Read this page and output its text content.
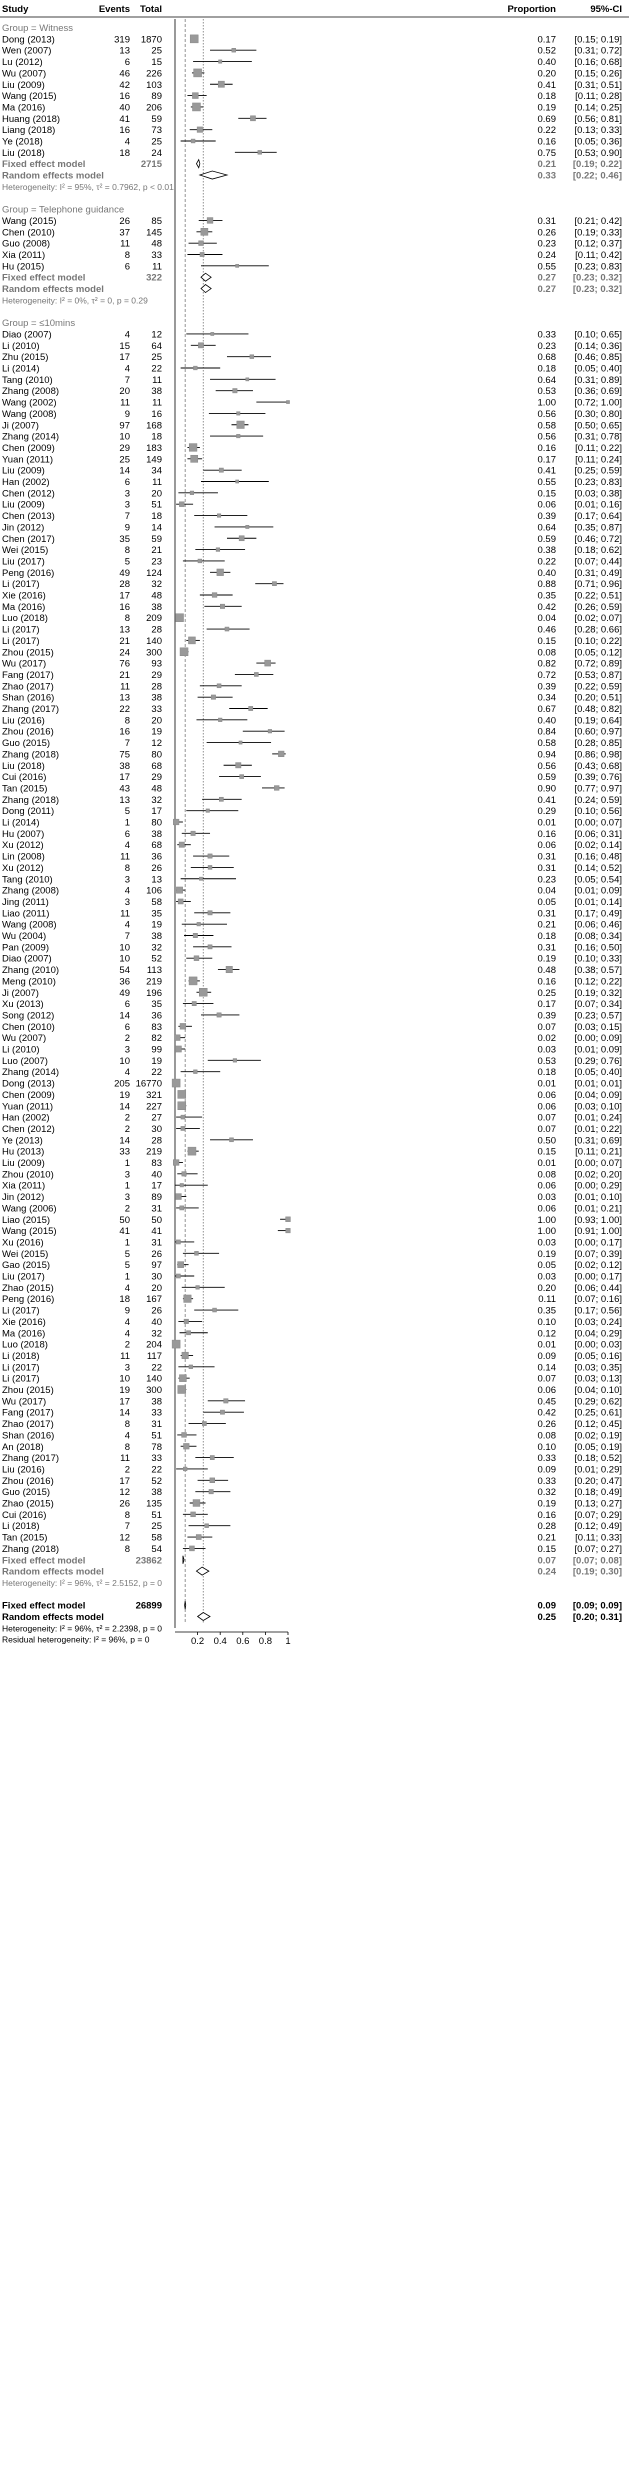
Study	Events Total	Proportion	95%-CI
Group = Witness
Dong (2013)	319 1870	0.17 [0.15; 0.19]
Wen (2007)	13 25	0.52 [0.31; 0.72]
Lu (2012)	6 15	0.40 [0.16; 0.68]
Wu (2007)	46 226	0.20 [0.15; 0.26]
Liu (2009)	42 103	0.41 [0.31; 0.51]
Wang (2015)	16 89	0.18 [0.11; 0.28]
Ma (2016)	40 206	0.19 [0.14; 0.25]
Huang (2018)	41 59	0.69 [0.56; 0.81]
Liang (2018)	16 73	0.22 [0.13; 0.33]
Ye (2018)	4 25	0.16 [0.05; 0.36]
Liu (2018)	18 24	0.75 [0.53; 0.90]
Fixed effect model	2715	0.21 [0.19; 0.22]
Random effects model	0.33 [0.22; 0.46]
Heterogeneity: I² = 95%, τ² = 0.7962, p < 0.01
Group = Telephone guidance
Wang (2015)	26 85	0.31 [0.21; 0.42]
Chen (2010)	37 145	0.26 [0.19; 0.33]
Guo (2008)	11 48	0.23 [0.12; 0.37]
Xia (2011)	8 33	0.24 [0.11; 0.42]
Hu (2015)	6 11	0.55 [0.23; 0.83]
Fixed effect model	322	0.27 [0.23; 0.32]
Random effects model	0.27 [0.23; 0.32]
Heterogeneity: I² = 0%, τ² = 0, p = 0.29
Group = ≤10mins
Diao (2007)	4 12	0.33 [0.10; 0.65]
Li (2010)	15 64	0.23 [0.14; 0.36]
Zhu (2015)	17 25	0.68 [0.46; 0.85]
Li (2014)	4 22	0.18 [0.05; 0.40]
Tang (2010)	7 11	0.64 [0.31; 0.89]
Zhang (2008)	20 38	0.53 [0.36; 0.69]
Wang (2002)	11 11	1.00 [0.72; 1.00]
Wang (2008)	9 16	0.56 [0.30; 0.80]
Ji (2007)	97 168	0.58 [0.50; 0.65]
Zhang (2014)	10 18	0.56 [0.31; 0.78]
Chen (2009)	29 183	0.16 [0.11; 0.22]
Yuan (2011)	25 149	0.17 [0.11; 0.24]
Liu (2009)	14 34	0.41 [0.25; 0.59]
Han (2002)	6 11	0.55 [0.23; 0.83]
Chen (2012)	3 20	0.15 [0.03; 0.38]
Liu (2009)	3 51	0.06 [0.01; 0.16]
Chen (2013)	7 18	0.39 [0.17; 0.64]
Jin (2012)	9 14	0.64 [0.35; 0.87]
Chen (2017)	35 59	0.59 [0.46; 0.72]
Wei (2015)	8 21	0.38 [0.18; 0.62]
Liu (2017)	5 23	0.22 [0.07; 0.44]
Peng (2016)	49 124	0.40 [0.31; 0.49]
Li (2017)	28 32	0.88 [0.71; 0.96]
Xie (2016)	17 48	0.35 [0.22; 0.51]
Ma (2016)	16 38	0.42 [0.26; 0.59]
Luo (2018)	8 209	0.04 [0.02; 0.07]
Li (2017)	13 28	0.46 [0.28; 0.66]
Li (2017)	21 140	0.15 [0.10; 0.22]
Zhou (2015)	24 300	0.08 [0.05; 0.12]
Wu (2017)	76 93	0.82 [0.72; 0.89]
Fang (2017)	21 29	0.72 [0.53; 0.87]
Zhao (2017)	11 28	0.39 [0.22; 0.59]
Shan (2016)	13 38	0.34 [0.20; 0.51]
Zhang (2017)	22 33	0.67 [0.48; 0.82]
Liu (2016)	8 20	0.40 [0.19; 0.64]
Zhou (2016)	16 19	0.84 [0.60; 0.97]
Guo (2015)	7 12	0.58 [0.28; 0.85]
Zhang (2018)	75 80	0.94 [0.86; 0.98]
Liu (2018)	38 68	0.56 [0.43; 0.68]
Cui (2016)	17 29	0.59 [0.39; 0.76]
Tan (2015)	43 48	0.90 [0.77; 0.97]
Zhang (2018)	13 32	0.41 [0.24; 0.59]
Dong (2011)	5 17	0.29 [0.10; 0.56]
Li (2014)	1 80	0.01 [0.00; 0.07]
Hu (2007)	6 38	0.16 [0.06; 0.31]
Xu (2012)	4 68	0.06 [0.02; 0.14]
Lin (2008)	11 36	0.31 [0.16; 0.48]
Xu (2012)	8 26	0.31 [0.14; 0.52]
Tang (2010)	3 13	0.23 [0.05; 0.54]
Zhang (2008)	4 106	0.04 [0.01; 0.09]
Jing (2011)	3 58	0.05 [0.01; 0.14]
Liao (2011)	11 35	0.31 [0.17; 0.49]
Wang (2008)	4 19	0.21 [0.06; 0.46]
Wu (2004)	7 38	0.18 [0.08; 0.34]
Pan (2009)	10 32	0.31 [0.16; 0.50]
Diao (2007)	10 52	0.19 [0.10; 0.33]
Zhang (2010)	54 113	0.48 [0.38; 0.57]
Meng (2010)	36 219	0.16 [0.12; 0.22]
Ji (2007)	49 196	0.25 [0.19; 0.32]
Xu (2013)	6 35	0.17 [0.07; 0.34]
Song (2012)	14 36	0.39 [0.23; 0.57]
Chen (2010)	6 83	0.07 [0.03; 0.15]
Wu (2007)	2 82	0.02 [0.00; 0.09]
Li (2010)	3 99	0.03 [0.01; 0.09]
Luo (2007)	10 19	0.53 [0.29; 0.76]
Zhang (2014)	4 22	0.18 [0.05; 0.40]
Dong (2013)	205 16770	0.01 [0.01; 0.01]
Chen (2009)	19 321	0.06 [0.04; 0.09]
Yuan (2011)	14 227	0.06 [0.03; 0.10]
Han (2002)	2 27	0.07 [0.01; 0.24]
Chen (2012)	2 30	0.07 [0.01; 0.22]
Ye (2013)	14 28	0.50 [0.31; 0.69]
Hu (2013)	33 219	0.15 [0.11; 0.21]
Liu (2009)	1 83	0.01 [0.00; 0.07]
Zhou (2010)	3 40	0.08 [0.02; 0.20]
Xia (2011)	1 17	0.06 [0.00; 0.29]
Jin (2012)	3 89	0.03 [0.01; 0.10]
Wang (2006)	2 31	0.06 [0.01; 0.21]
Liao (2015)	50 50	1.00 [0.93; 1.00]
Wang (2015)	41 41	1.00 [0.91; 1.00]
Xu (2016)	1 31	0.03 [0.00; 0.17]
Wei (2015)	5 26	0.19 [0.07; 0.39]
Gao (2015)	5 97	0.05 [0.02; 0.12]
Liu (2017)	1 30	0.03 [0.00; 0.17]
Zhao (2015)	4 20	0.20 [0.06; 0.44]
Peng (2016)	18 167	0.11 [0.07; 0.16]
Li (2017)	9 26	0.35 [0.17; 0.56]
Xie (2016)	4 40	0.10 [0.03; 0.24]
Ma (2016)	4 32	0.12 [0.04; 0.29]
Luo (2018)	2 204	0.01 [0.00; 0.03]
Li (2018)	11 117	0.09 [0.05; 0.16]
Li (2017)	3 22	0.14 [0.03; 0.35]
Li (2017)	10 140	0.07 [0.03; 0.13]
Zhou (2015)	19 300	0.06 [0.04; 0.10]
Wu (2017)	17 38	0.45 [0.29; 0.62]
Fang (2017)	14 33	0.42 [0.25; 0.61]
Zhao (2017)	8 31	0.26 [0.12; 0.45]
Shan (2016)	4 51	0.08 [0.02; 0.19]
An (2018)	8 78	0.10 [0.05; 0.19]
Zhang (2017)	11 33	0.33 [0.18; 0.52]
Liu (2016)	2 22	0.09 [0.01; 0.29]
Zhou (2016)	17 52	0.33 [0.20; 0.47]
Guo (2015)	12 38	0.32 [0.18; 0.49]
Zhao (2015)	26 135	0.19 [0.13; 0.27]
Cui (2016)	8 51	0.16 [0.07; 0.29]
Li (2018)	7 25	0.28 [0.12; 0.49]
Tan (2015)	12 58	0.21 [0.11; 0.33]
Zhang (2018)	8 54	0.15 [0.07; 0.27]
Fixed effect model	23862	0.07 [0.07; 0.08]
Random effects model	0.24 [0.19; 0.30]
Heterogeneity: I² = 96%, τ² = 2.5152, p = 0
Fixed effect model	26899	0.09 [0.09; 0.09]
Random effects model	0.25 [0.20; 0.31]
Heterogeneity: I² = 96%, τ² = 2.2398, p = 0
Residual heterogeneity: I² = 96%, p = 0	0.2 0.4 0.6 0.8 1
